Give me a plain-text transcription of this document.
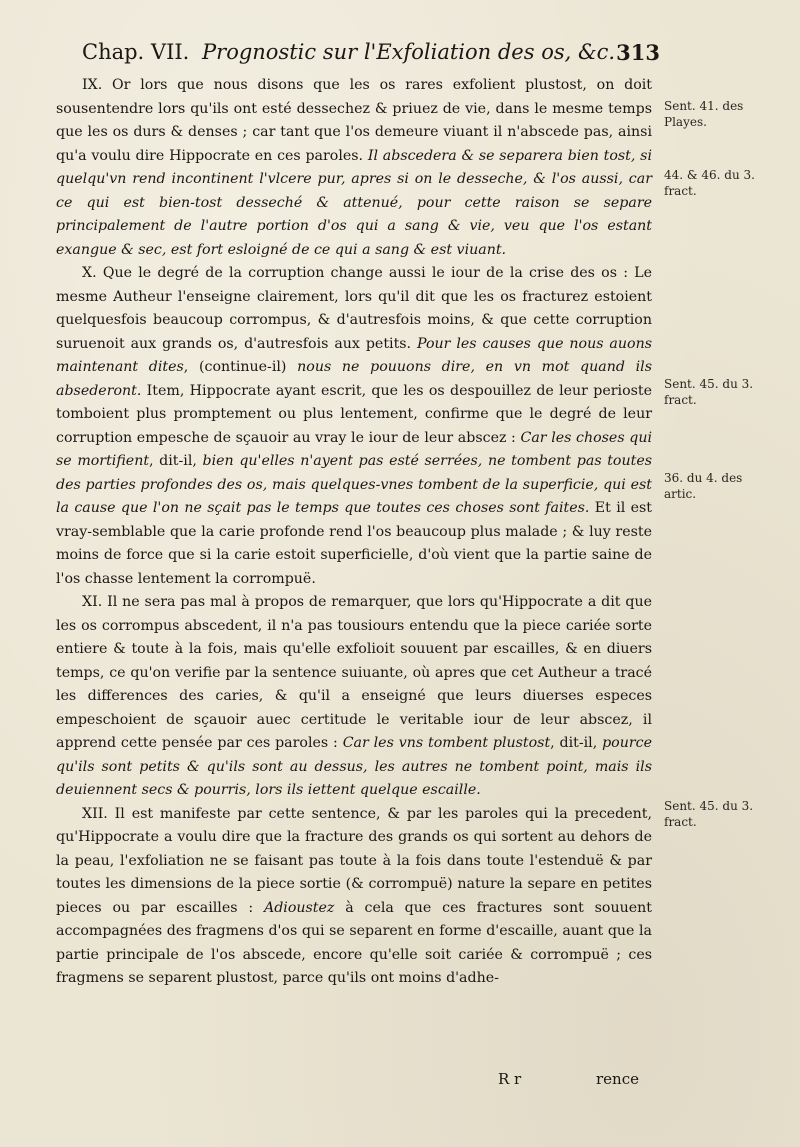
Chap. VII. Prognostic sur l'Exfoliation des os, &c. 313

IX. Or lors que nous disons que les os rares exfolient plustost, on doit sousentendre lors qu'ils ont esté dessechez & priuez de vie, dans le mesme temps que les os durs & denses ; car tant que l'os demeure viuant il n'abscede pas, ainsi qu'a voulu dire Hippocrate en ces paroles. Il abscedera & se separera bien tost, si quelqu'vn rend incontinent l'vlcere pur, apres si on le desseche, & l'os aussi, car ce qui est bien-tost desseché & attenué, pour cette raison se separe principalement de l'autre portion d'os qui a sang & vie, veu que l'os estant exangue & sec, est fort esloigné de ce qui a sang & est viuant.

X. Que le degré de la corruption change aussi le iour de la crise des os : Le mesme Autheur l'enseigne clairement, lors qu'il dit que les os fracturez estoient quelquesfois beaucoup corrompus, & d'autresfois moins, & que cette corruption suruenoit aux grands os, d'autresfois aux petits. Pour les causes que nous auons maintenant dites, (continue-il) nous ne pouuons dire, en vn mot quand ils absederont. Item, Hippocrate ayant escrit, que les os despouillez de leur perioste tomboient plus promptement ou plus lentement, confirme que le degré de leur corruption empesche de sçauoir au vray le iour de leur abscez : Car les choses qui se mortifient, dit-il, bien qu'elles n'ayent pas esté serrées, ne tombent pas toutes des parties profondes des os, mais quelques-vnes tombent de la superficie, qui est la cause que l'on ne sçait pas le temps que toutes ces choses sont faites. Et il est vray-semblable que la carie profonde rend l'os beaucoup plus malade ; & luy reste moins de force que si la carie estoit superficielle, d'où vient que la partie saine de l'os chasse lentement la corrompuë.

XI. Il ne sera pas mal à propos de remarquer, que lors qu'Hippocrate a dit que les os corrompus abscedent, il n'a pas tousiours entendu que la piece cariée sorte entiere & toute à la fois, mais qu'elle exfolioit souuent par escailles, & en diuers temps, ce qu'on verifie par la sentence suiuante, où apres que cet Autheur a tracé les differences des caries, & qu'il a enseigné que leurs diuerses especes empeschoient de sçauoir auec certitude le veritable iour de leur abscez, il apprend cette pensée par ces paroles : Car les vns tombent plustost, dit-il, pource qu'ils sont petits & qu'ils sont au dessus, les autres ne tombent point, mais ils deuiennent secs & pourris, lors ils iettent quelque escaille.

XII. Il est manifeste par cette sentence, & par les paroles qui la precedent, qu'Hippocrate a voulu dire que la fracture des grands os qui sortent au dehors de la peau, l'exfoliation ne se faisant pas toute à la fois dans toute l'estenduë & par toutes les dimensions de la piece sortie (& corrompuë) nature la separe en petites pieces ou par escailles : Adioustez à cela que ces fractures sont souuent accompagnées des fragmens d'os qui se separent en forme d'escaille, auant que la partie principale de l'os abscede, encore qu'elle soit cariée & corrompuë ; ces fragmens se separent plustost, parce qu'ils ont moins d'adhe-

Sent. 41. des Playes.
44. & 46. du 3. fract.
Sent. 45. du 3. fract.
36. du 4. des artic.
Sent. 45. du 3. fract.
R r	rence
